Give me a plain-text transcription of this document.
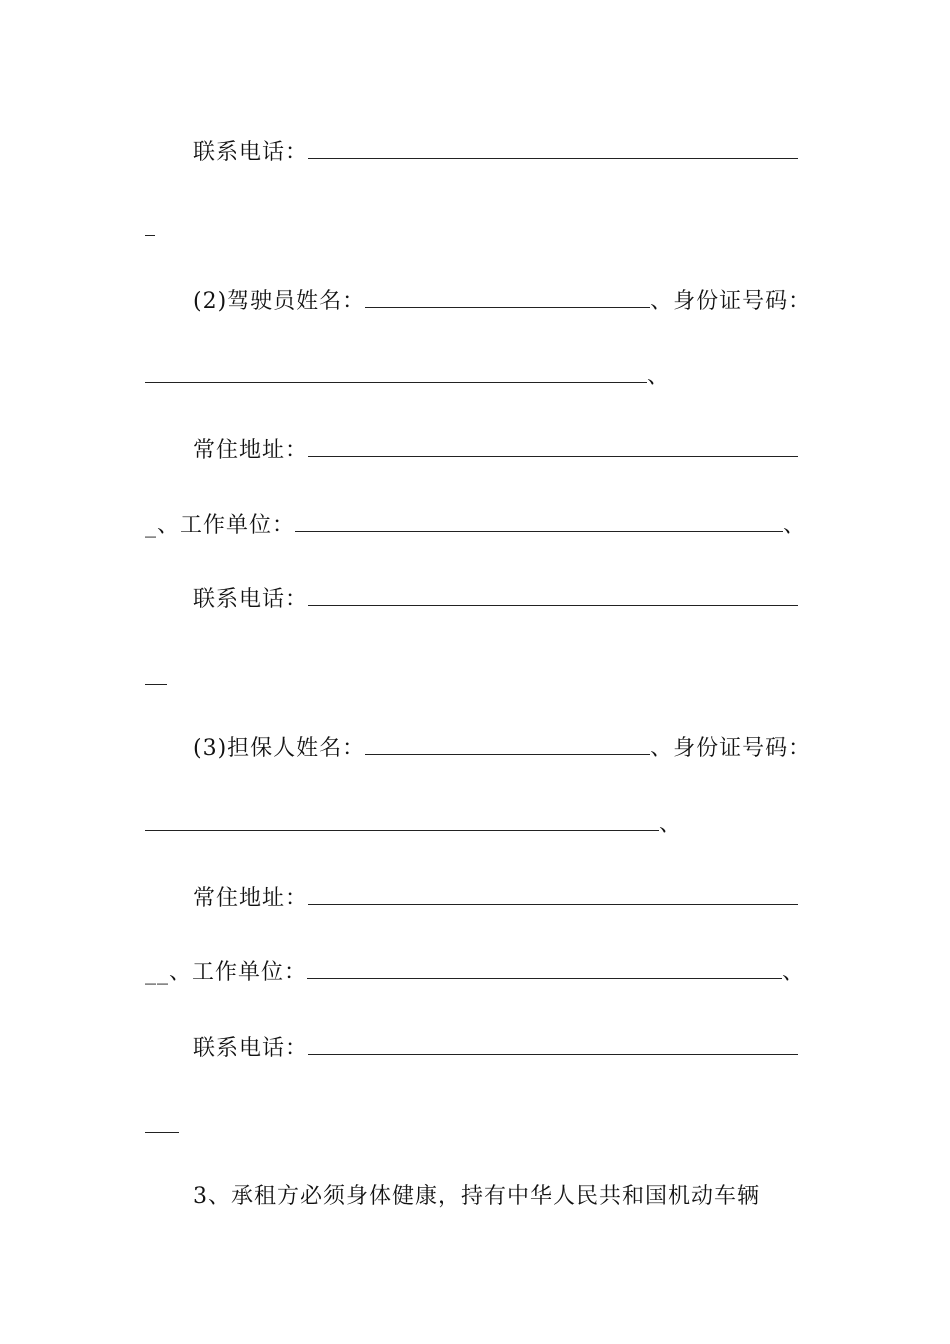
联系电话：
(2)驾驶员姓名：	、身份证号码：
、
常住地址：
_、工作单位：	、
联系电话：
(3)担保人姓名：	、身份证号码：
、
常住地址：
__、工作单位：	、
联系电话：
3、承租方必须身体健康，持有中华人民共和国机动车辆
